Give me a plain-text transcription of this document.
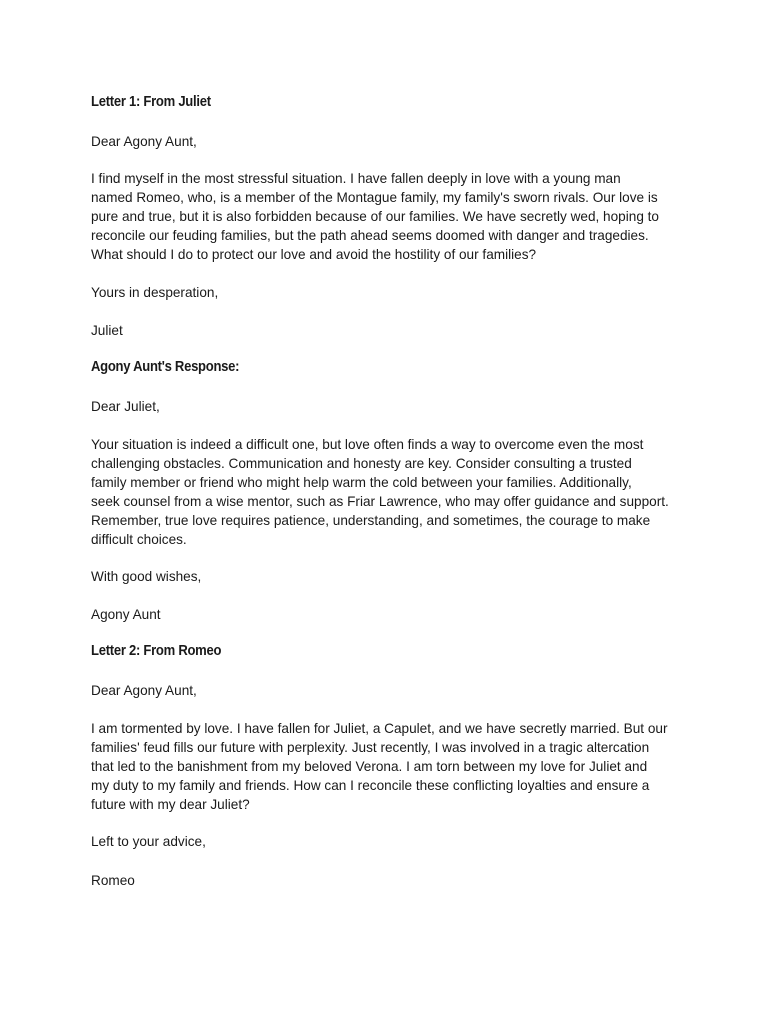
Letter 1: From Juliet

Dear Agony Aunt,

I find myself in the most stressful situation. I have fallen deeply in love with a young man
named Romeo, who, is a member of the Montague family, my family's sworn rivals. Our love is
pure and true, but it is also forbidden because of our families. We have secretly wed, hoping to
reconcile our feuding families, but the path ahead seems doomed with danger and tragedies.
What should I do to protect our love and avoid the hostility of our families?

Yours in desperation,

Juliet

Agony Aunt's Response:

Dear Juliet,

Your situation is indeed a difficult one, but love often finds a way to overcome even the most
challenging obstacles. Communication and honesty are key. Consider consulting a trusted
family member or friend who might help warm the cold between your families. Additionally,
seek counsel from a wise mentor, such as Friar Lawrence, who may offer guidance and support.
Remember, true love requires patience, understanding, and sometimes, the courage to make
difficult choices.

With good wishes,

Agony Aunt

Letter 2: From Romeo

Dear Agony Aunt,

I am tormented by love. I have fallen for Juliet, a Capulet, and we have secretly married. But our
families' feud fills our future with perplexity. Just recently, I was involved in a tragic altercation
that led to the banishment from my beloved Verona. I am torn between my love for Juliet and
my duty to my family and friends. How can I reconcile these conflicting loyalties and ensure a
future with my dear Juliet?

Left to your advice,

Romeo
